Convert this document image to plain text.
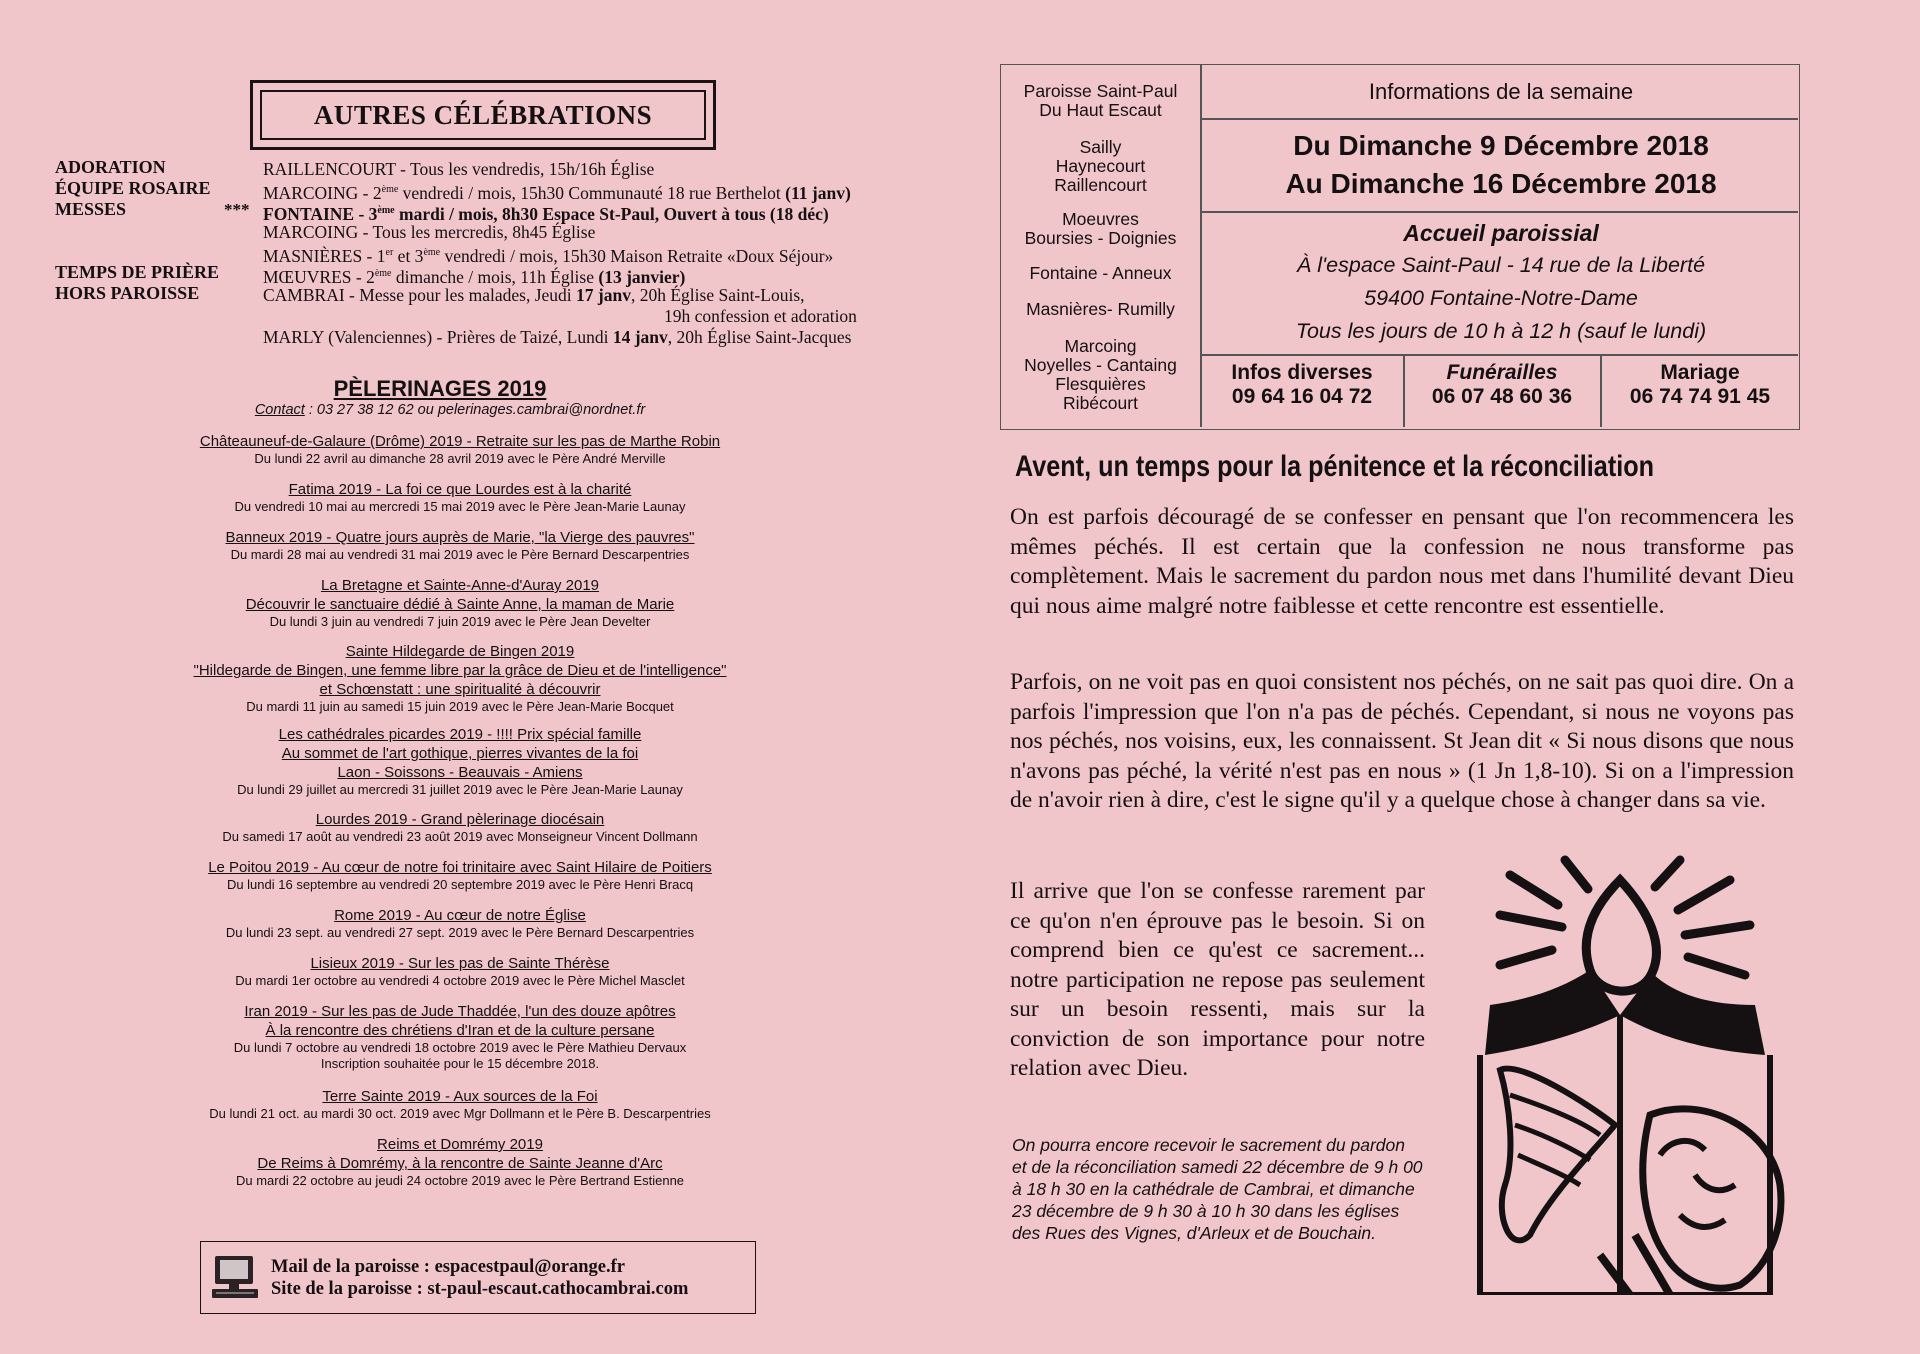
AUTRES CÉLÉBRATIONS
ADORATION
ÉQUIPE ROSAIRE
MESSES	***
TEMPS DE PRIÈRE
HORS PAROISSE
RAILLENCOURT - Tous les vendredis, 15h/16h Église
MARCOING - 2ème vendredi / mois, 15h30 Communauté 18 rue Berthelot (11 janv)
FONTAINE - 3ème mardi / mois, 8h30 Espace St-Paul, Ouvert à tous (18 déc)
MARCOING - Tous les mercredis, 8h45 Église
MASNIÈRES - 1er et 3ème vendredi / mois, 15h30 Maison Retraite «Doux Séjour»
MŒUVRES - 2ème dimanche / mois, 11h Église (13 janvier)
CAMBRAI - Messe pour les malades, Jeudi 17 janv, 20h Église Saint-Louis,
19h confession et adoration
MARLY (Valenciennes) - Prières de Taizé, Lundi 14 janv, 20h Église Saint-Jacques
PÈLERINAGES 2019
Contact : 03 27 38 12 62 ou pelerinages.cambrai@nordnet.fr
Châteauneuf-de-Galaure (Drôme) 2019 - Retraite sur les pas de Marthe Robin
Du lundi 22 avril au dimanche 28 avril 2019 avec le Père André Merville
Fatima 2019 - La foi ce que Lourdes est à la charité
Du vendredi 10 mai au mercredi 15 mai 2019 avec le Père Jean-Marie Launay
Banneux 2019 - Quatre jours auprès de Marie, "la Vierge des pauvres"
Du mardi 28 mai au vendredi 31 mai 2019 avec le Père Bernard Descarpentries
La Bretagne et Sainte-Anne-d'Auray 2019
Découvrir le sanctuaire dédié à Sainte Anne, la maman de Marie
Du lundi 3 juin au vendredi 7 juin 2019 avec le Père Jean Develter
Sainte Hildegarde de Bingen 2019
"Hildegarde de Bingen, une femme libre par la grâce de Dieu et de l'intelligence"
et Schœnstatt : une spiritualité à découvrir
Du mardi 11 juin au samedi 15 juin 2019 avec le Père Jean-Marie Bocquet
Les cathédrales picardes 2019 - !!!! Prix spécial famille
Au sommet de l'art gothique, pierres vivantes de la foi
Laon - Soissons - Beauvais - Amiens
Du lundi 29 juillet au mercredi 31 juillet 2019 avec le Père Jean-Marie Launay
Lourdes 2019 - Grand pèlerinage diocésain
Du samedi 17 août au vendredi 23 août 2019 avec Monseigneur Vincent Dollmann
Le Poitou 2019 - Au cœur de notre foi trinitaire avec Saint Hilaire de Poitiers
Du lundi 16 septembre au vendredi 20 septembre 2019 avec le Père Henri Bracq
Rome 2019 - Au cœur de notre Église
Du lundi 23 sept. au vendredi 27 sept. 2019 avec le Père Bernard Descarpentries
Lisieux 2019 - Sur les pas de Sainte Thérèse
Du mardi 1er octobre au vendredi 4 octobre 2019 avec le Père Michel Masclet
Iran 2019 - Sur les pas de Jude Thaddée, l'un des douze apôtres
À la rencontre des chrétiens d'Iran et de la culture persane
Du lundi 7 octobre au vendredi 18 octobre 2019 avec le Père Mathieu Dervaux
Inscription souhaitée pour le 15 décembre 2018.
Terre Sainte 2019 - Aux sources de la Foi
Du lundi 21 oct. au mardi 30 oct. 2019 avec Mgr Dollmann et le Père B. Descarpentries
Reims et Domrémy 2019
De Reims à Domrémy, à la rencontre de Sainte Jeanne d'Arc
Du mardi 22 octobre au jeudi 24 octobre 2019 avec le Père Bertrand Estienne
Mail de la paroisse : espacestpaul@orange.fr
Site de la paroisse : st-paul-escaut.cathocambrai.com
Paroisse Saint-Paul
Du Haut Escaut
Sailly
Haynecourt
Raillencourt
Moeuvres
Boursies - Doignies
Fontaine - Anneux
Masnières- Rumilly
Marcoing
Noyelles - Cantaing
Flesquières
Ribécourt
Informations de la semaine
Du Dimanche 9 Décembre 2018
Au Dimanche 16 Décembre 2018
Accueil paroissial
À l'espace Saint-Paul - 14 rue de la Liberté
59400 Fontaine-Notre-Dame
Tous les jours de 10 h à 12 h (sauf le lundi)
Infos diverses
09 64 16 04 72
Funérailles
06 07 48 60 36
Mariage
06 74 74 91 45
Avent, un temps pour la pénitence et la réconciliation
On est parfois découragé de se confesser en pensant que l'on recommencera les mêmes péchés. Il est certain que la confession ne nous transforme pas complètement. Mais le sacrement du pardon nous met dans l'humilité devant Dieu qui nous aime malgré notre faiblesse et cette rencontre est essentielle.
Parfois, on ne voit pas en quoi consistent nos péchés, on ne sait pas quoi dire. On a parfois l'impression que l'on n'a pas de péchés. Cependant, si nous ne voyons pas nos péchés, nos voisins, eux, les connaissent. St Jean dit « Si nous disons que nous n'avons pas péché, la vérité n'est pas en nous » (1 Jn 1,8-10). Si on a l'impression de n'avoir rien à dire, c'est le signe qu'il y a quelque chose à changer dans sa vie.
Il arrive que l'on se confesse rarement par ce qu'on n'en éprouve pas le besoin. Si on comprend bien ce qu'est ce sacrement... notre participation ne repose pas seulement sur un besoin ressenti, mais sur la conviction de son importance pour notre relation avec Dieu.
On pourra encore recevoir le sacrement du pardon et de la réconciliation samedi 22 décembre de 9 h 00 à 18 h 30 en la cathédrale de Cambrai, et dimanche 23 décembre de 9 h 30 à 10 h 30 dans les églises des Rues des Vignes, d'Arleux et de Bouchain.
